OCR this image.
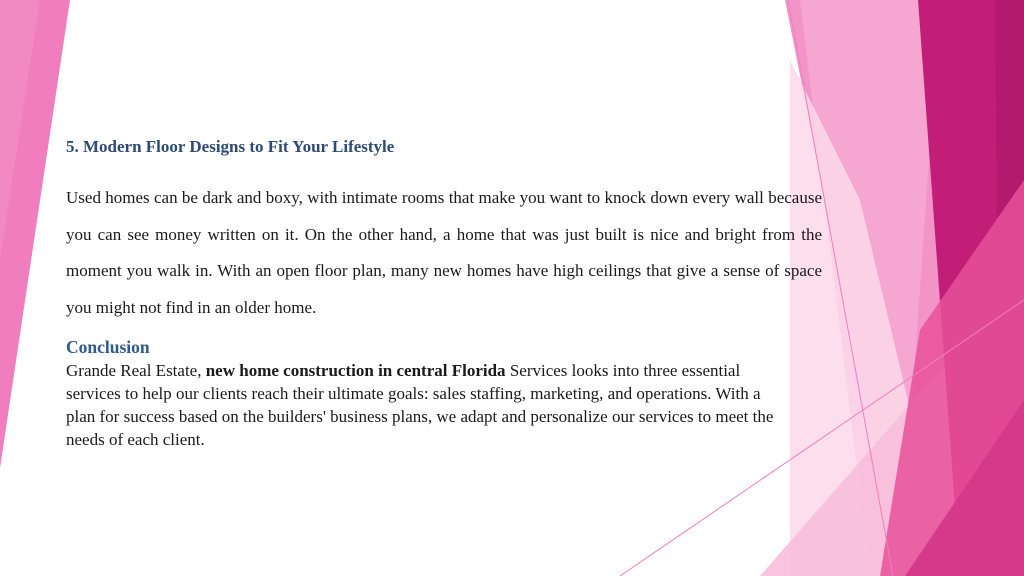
5. Modern Floor Designs to Fit Your Lifestyle

Used homes can be dark and boxy, with intimate rooms that make you want to knock down every wall because you can see money written on it. On the other hand, a home that was just built is nice and bright from the moment you walk in. With an open floor plan, many new homes have high ceilings that give a sense of space you might not find in an older home.

Conclusion

Grande Real Estate, new home construction in central Florida Services looks into three essential services to help our clients reach their ultimate goals: sales staffing, marketing, and operations. With a plan for success based on the builders' business plans, we adapt and personalize our services to meet the needs of each client.
